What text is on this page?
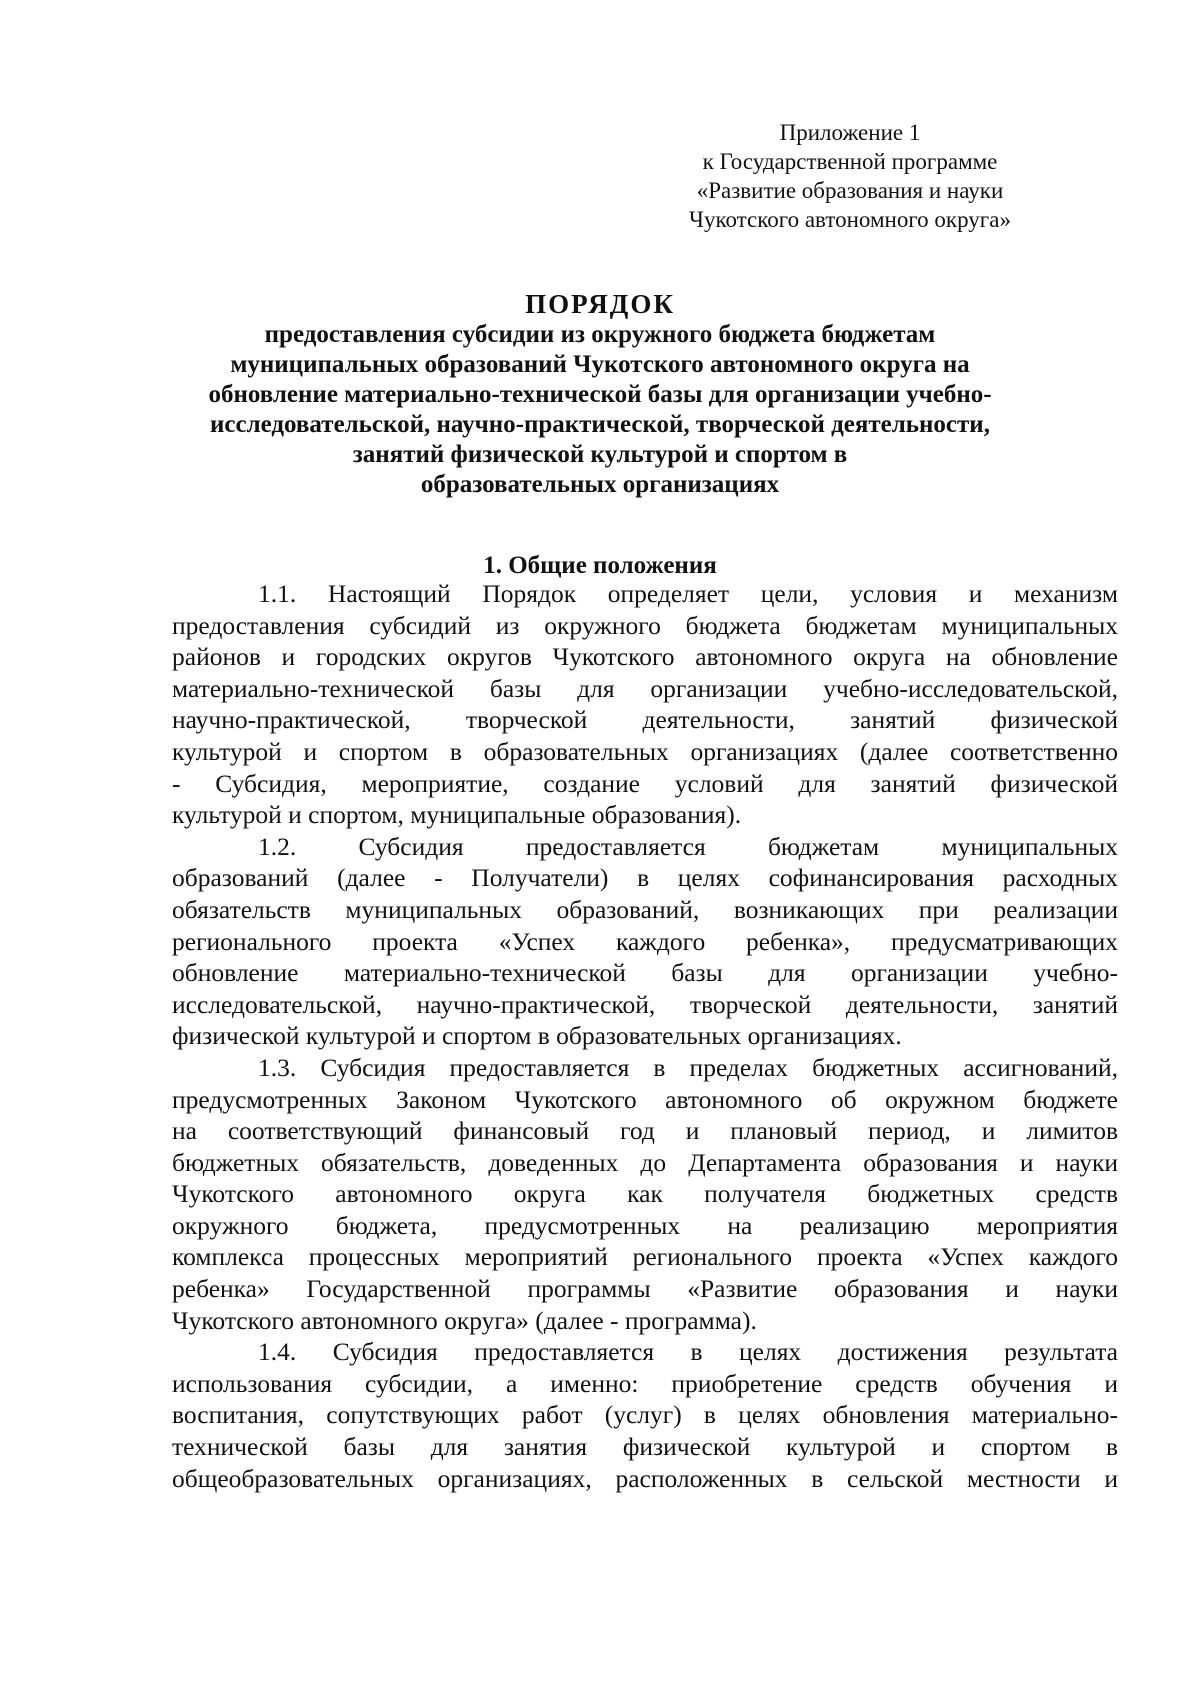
Приложение 1
к Государственной программе
«Развитие образования и науки
Чукотского автономного округа»
ПОРЯДОК
предоставления субсидии из окружного бюджета бюджетам
муниципальных образований Чукотского автономного округа на
обновление материально-технической базы для организации учебно-
исследовательской, научно-практической, творческой деятельности,
занятий физической культурой и спортом в
образовательных организациях
1. Общие положения
1.1. Настоящий Порядок определяет цели, условия и механизм
предоставления субсидий из окружного бюджета бюджетам муниципальных
районов и городских округов Чукотского автономного округа на обновление
материально-технической базы для организации учебно-исследовательской,
научно-практической, творческой деятельности, занятий физической
культурой и спортом в образовательных организациях (далее соответственно
- Субсидия, мероприятие, создание условий для занятий физической
культурой и спортом, муниципальные образования).
1.2. Субсидия предоставляется бюджетам муниципальных
образований (далее - Получатели) в целях софинансирования расходных
обязательств муниципальных образований, возникающих при реализации
регионального проекта «Успех каждого ребенка», предусматривающих
обновление материально-технической базы для организации учебно-
исследовательской, научно-практической, творческой деятельности, занятий
физической культурой и спортом в образовательных организациях.
1.3. Субсидия предоставляется в пределах бюджетных ассигнований,
предусмотренных Законом Чукотского автономного об окружном бюджете
на соответствующий финансовый год и плановый период, и лимитов
бюджетных обязательств, доведенных до Департамента образования и науки
Чукотского автономного округа как получателя бюджетных средств
окружного бюджета, предусмотренных на реализацию мероприятия
комплекса процессных мероприятий регионального проекта «Успех каждого
ребенка» Государственной программы «Развитие образования и науки
Чукотского автономного округа» (далее - программа).
1.4. Субсидия предоставляется в целях достижения результата
использования субсидии, а именно: приобретение средств обучения и
воспитания, сопутствующих работ (услуг) в целях обновления материально-
технической базы для занятия физической культурой и спортом в
общеобразовательных организациях, расположенных в сельской местности и
